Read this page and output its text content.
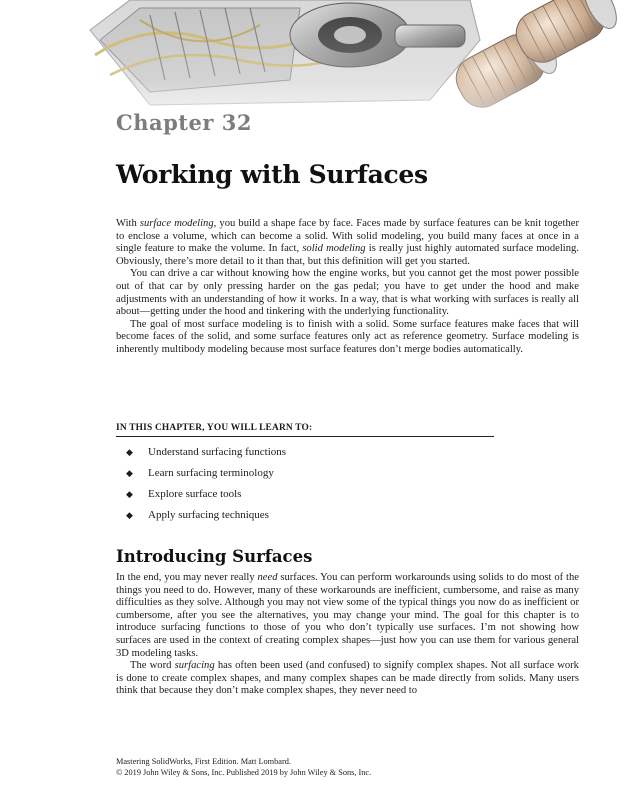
Chapter 32
Working with Surfaces

With surface modeling, you build a shape face by face. Faces made by surface features can be knit together to enclose a volume, which can become a solid. With solid modeling, you build many faces at once in a single feature to make the volume. In fact, solid modeling is really just highly automated surface modeling. Obviously, there’s more detail to it than that, but this definition will get you started.

You can drive a car without knowing how the engine works, but you cannot get the most power possible out of that car by only pressing harder on the gas pedal; you have to get under the hood and make adjustments with an understanding of how it works. In a way, that is what working with surfaces is really all about—getting under the hood and tinkering with the underlying functionality.

The goal of most surface modeling is to finish with a solid. Some surface features make faces that will become faces of the solid, and some surface features only act as reference geometry. Surface modeling is inherently multibody modeling because most surface features don’t merge bodies automatically.

IN THIS CHAPTER, YOU WILL LEARN TO:
◆	Understand surfacing functions
◆	Learn surfacing terminology
◆	Explore surface tools
◆	Apply surfacing techniques
Introducing Surfaces

In the end, you may never really need surfaces. You can perform workarounds using solids to do most of the things you need to do. However, many of these workarounds are inefficient, cumbersome, and raise as many difficulties as they solve. Although you may not view some of the typical things you now do as inefficient or cumbersome, after you see the alternatives, you may change your mind. The goal for this chapter is to introduce surfacing functions to those of you who don’t typically use surfaces. I’m not showing how surfaces are used in the context of creating complex shapes—just how you can use them for various general 3D modeling tasks.

The word surfacing has often been used (and confused) to signify complex shapes. Not all surface work is done to create complex shapes, and many complex shapes can be made directly from solids. Many users think that because they don’t make complex shapes, they never need to

Mastering SolidWorks, First Edition. Matt Lombard.
© 2019 John Wiley & Sons, Inc. Published 2019 by John Wiley & Sons, Inc.
